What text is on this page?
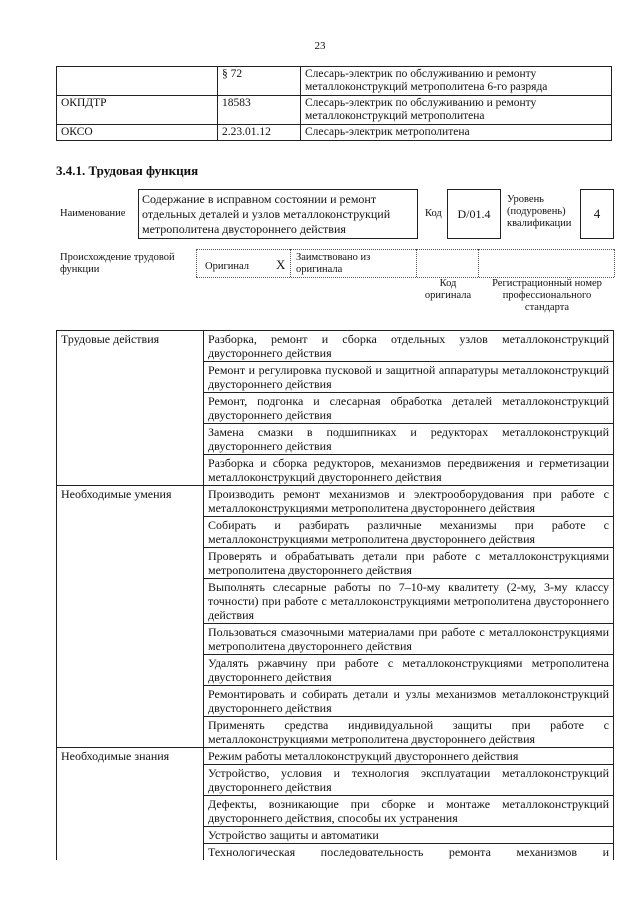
23
	§ 72	Слесарь-электрик по обслуживанию и ремонту металлоконструкций метрополитена 6-го разряда
ОКПДТР	18583	Слесарь-электрик по обслуживанию и ремонту металлоконструкций метрополитена
ОКСО	2.23.01.12	Слесарь-электрик метрополитена
3.4.1. Трудовая функция
Наименование
Содержание в исправном состоянии и ремонт отдельных деталей и узлов металлоконструкций метрополитена двустороннего действия
Код	D/01.4
Уровень (подуровень) квалификации
4
Происхождение трудовой функции	Оригинал X Заимствовано из оригинала
Код оригинала
Регистрационный номер профессионального стандарта
Трудовые действия	Разборка, ремонт и сборка отдельных узлов металлоконструкций двустороннего действия
	Ремонт и регулировка пусковой и защитной аппаратуры металлоконструкций двустороннего действия
	Ремонт, подгонка и слесарная обработка деталей металлоконструкций двустороннего действия
	Замена смазки в подшипниках и редукторах металлоконструкций двустороннего действия
	Разборка и сборка редукторов, механизмов передвижения и герметизации металлоконструкций двустороннего действия
Необходимые умения	Производить ремонт механизмов и электрооборудования при работе с металлоконструкциями метрополитена двустороннего действия
	Собирать и разбирать различные механизмы при работе с металлоконструкциями метрополитена двустороннего действия
	Проверять и обрабатывать детали при работе с металлоконструкциями метрополитена двустороннего действия
	Выполнять слесарные работы по 7–10-му квалитету (2-му, 3-му классу точности) при работе с металлоконструкциями метрополитена двустороннего действия
	Пользоваться смазочными материалами при работе с металлоконструкциями метрополитена двустороннего действия
	Удалять ржавчину при работе с металлоконструкциями метрополитена двустороннего действия
	Ремонтировать и собирать детали и узлы механизмов металлоконструкций двустороннего действия
	Применять средства индивидуальной защиты при работе с металлоконструкциями метрополитена двустороннего действия
Необходимые знания	Режим работы металлоконструкций двустороннего действия
	Устройство, условия и технология эксплуатации металлоконструкций двустороннего действия
	Дефекты, возникающие при сборке и монтаже металлоконструкций двустороннего действия, способы их устранения
	Устройство защиты и автоматики
	Технологическая последовательность ремонта механизмов и
